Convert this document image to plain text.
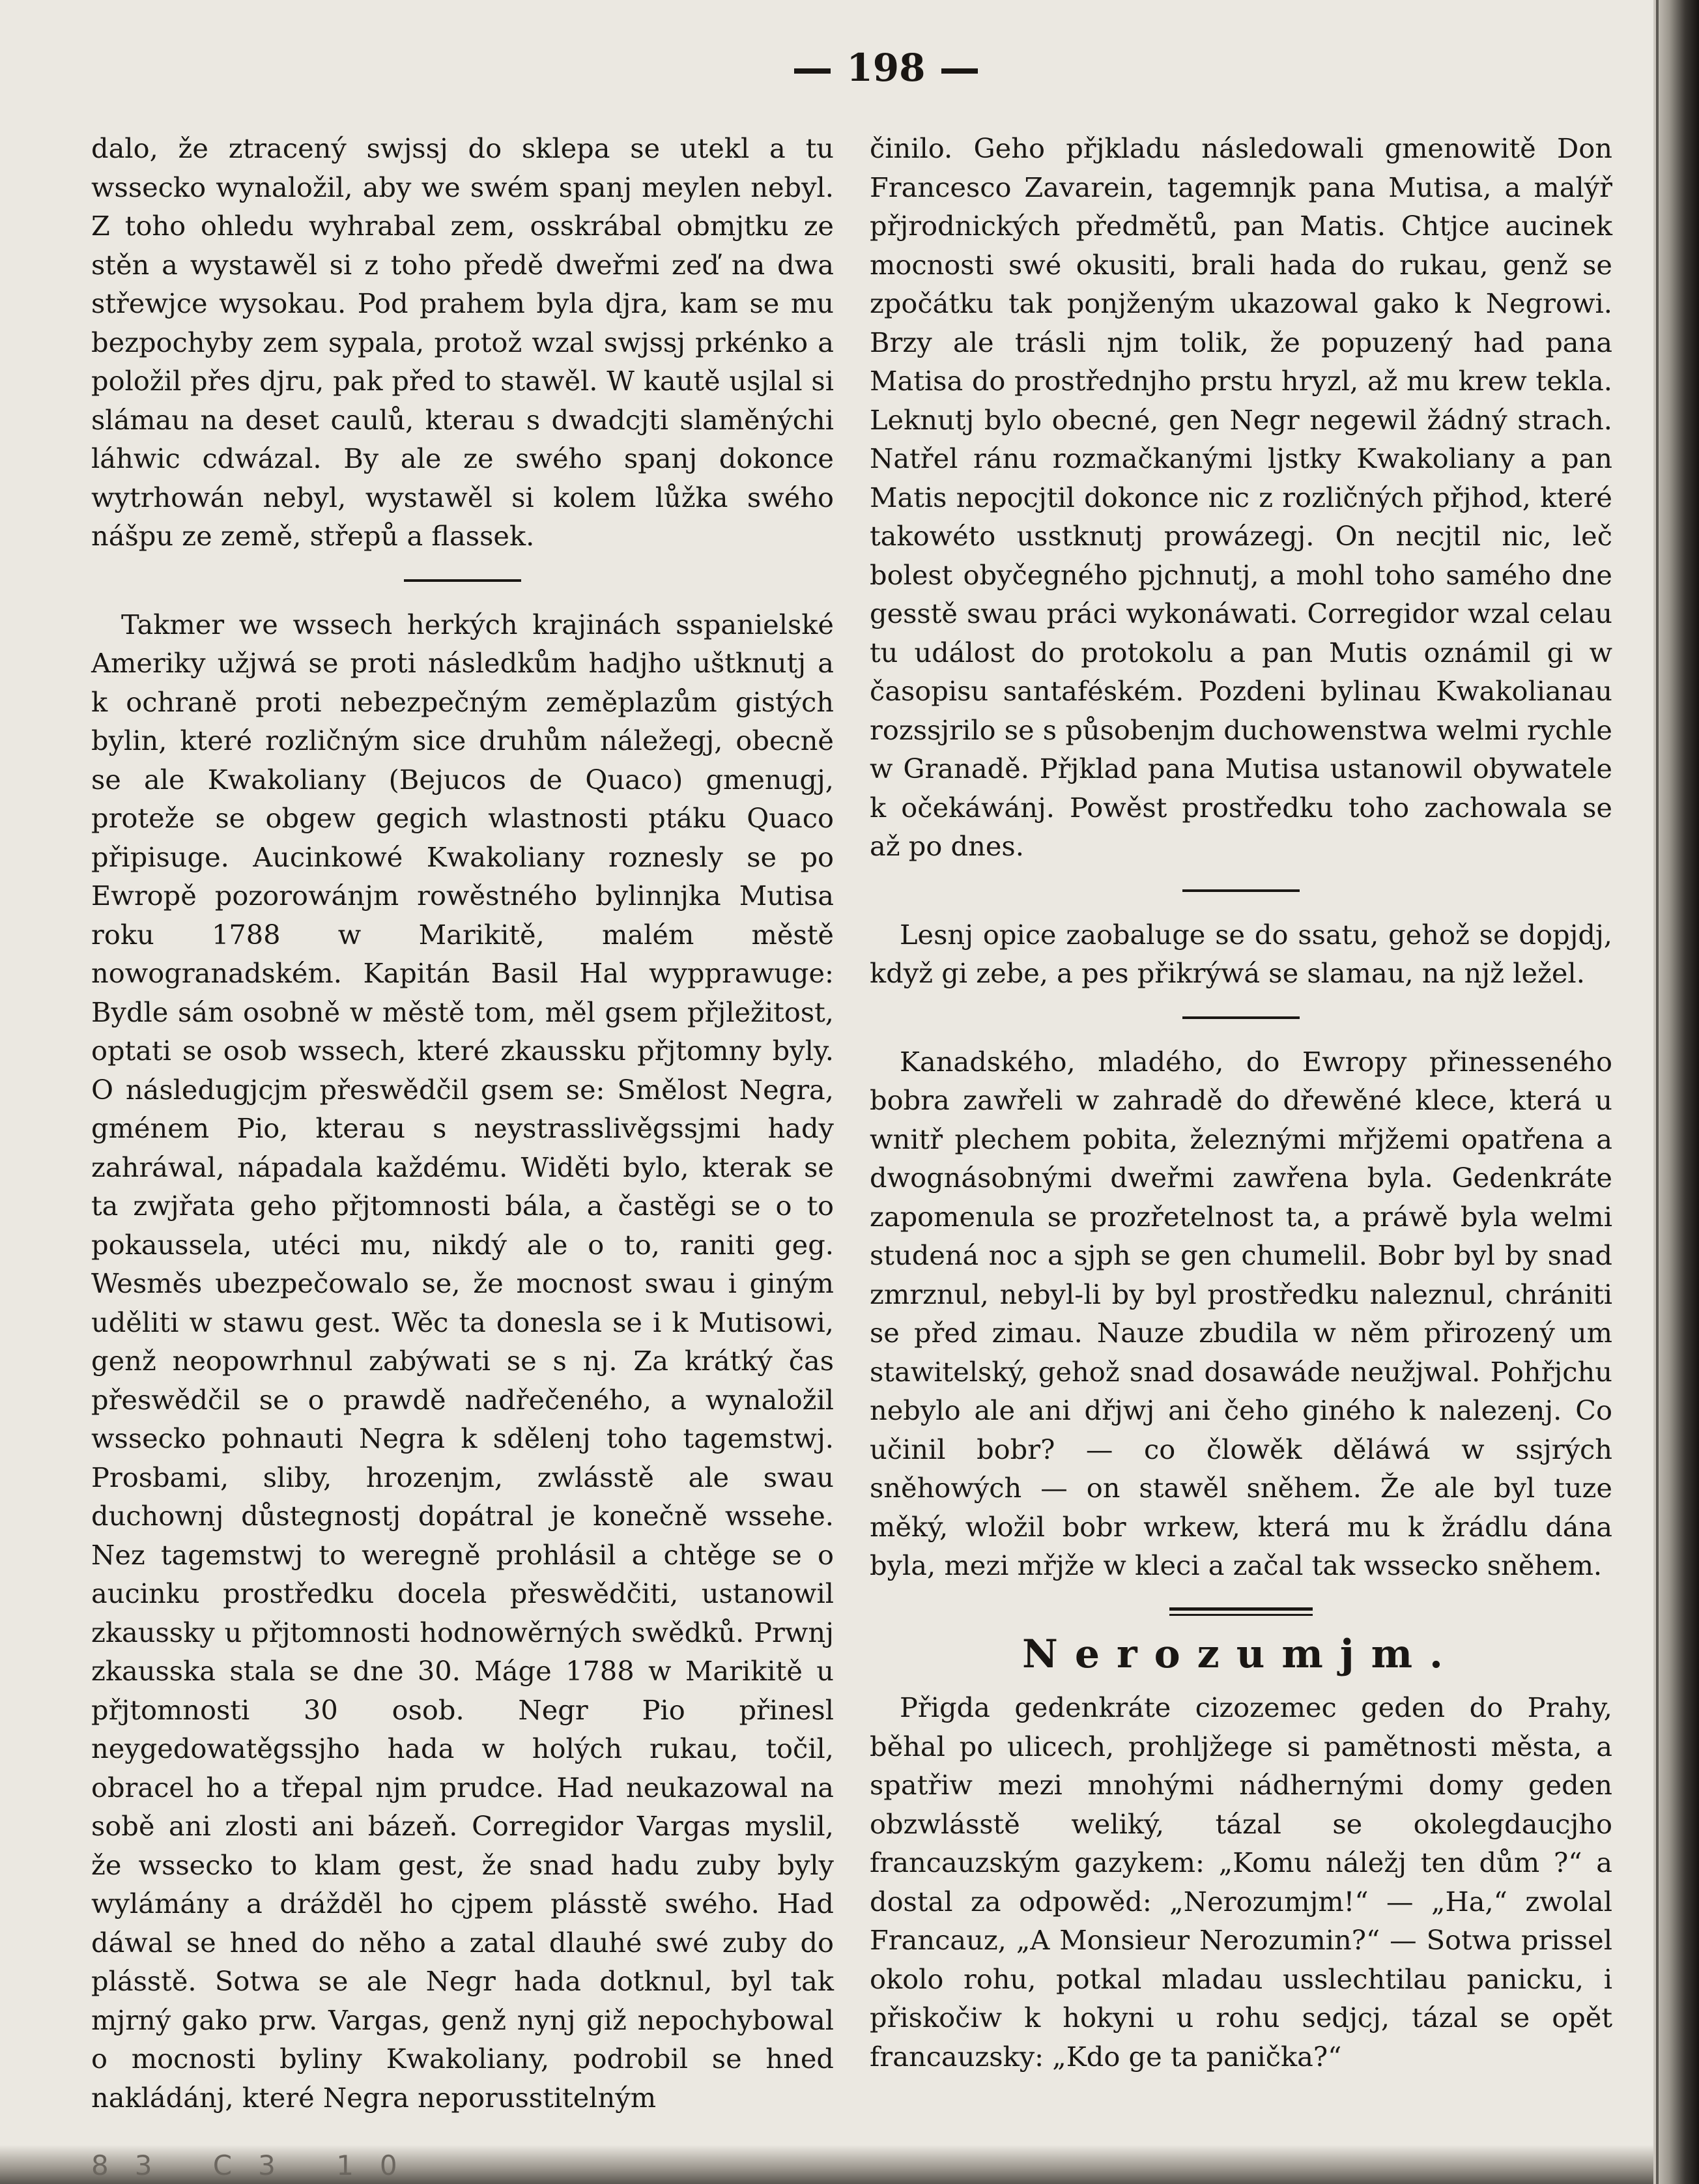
198

dalo, že ztracený swjssj do sklepa se utekl a tu wssecko wynaložil, aby we swém spanj meylen nebyl. Z toho ohledu wyhrabal zem, osskrábal obmjtku ze stěn a wystawěl si z toho předě dweřmi zeď na dwa střewjce wysokau. Pod prahem byla djra, kam se mu bezpochyby zem sypala, protož wzal swjssj prkénko a položil přes djru, pak před to stawěl. W kautě usjlal si slámau na deset caulů, kterau s dwadcjti slaměnýchi láhwic cdwázal. By ale ze swého spanj dokonce wytrhowán nebyl, wystawěl si kolem lůžka swého nášpu ze země, střepů a flassek.

Takmer we wssech herkých krajinách sspanielské Ameriky užjwá se proti následkům hadjho uštknutj a k ochraně proti nebezpečným zeměplazům gistých bylin, které rozličným sice druhům náležegj, obecně se ale Kwakoliany (Bejucos de Quaco) gmenugj, proteže se obgew gegich wlastnosti ptáku Quaco připisuge. Aucinkowé Kwakoliany roznesly se po Ewropě pozorowánjm rowěstného bylinnjka Mutisa roku 1788 w Marikitě, malém městě nowogranadském. Kapitán Basil Hal wypprawuge: Bydle sám osobně w městě tom, měl gsem přjležitost, optati se osob wssech, které zkaussku přjtomny byly. O následugjcjm přeswědčil gsem se: Smělost Negra, gménem Pio, kterau s neystrasslivěgssjmi hady zahráwal, nápadala každému. Widěti bylo, kterak se ta zwjřata geho přjtomnosti bála, a častěgi se o to pokaussela, utéci mu, nikdý ale o to, raniti geg. Wesměs ubezpečowalo se, že mocnost swau i giným uděliti w stawu gest. Wěc ta donesla se i k Mutisowi, genž neopowrhnul zabýwati se s nj. Za krátký čas přeswědčil se o prawdě nadřečeného, a wynaložil wssecko pohnauti Negra k sdělenj toho tagemstwj. Prosbami, sliby, hrozenjm, zwlásstě ale swau duchownj důstegnostj dopátral je konečně wssehe. Nez tagemstwj to weregně prohlásil a chtěge se o aucinku prostředku docela přeswědčiti, ustanowil zkaussky u přjtomnosti hodnowěrných swědků. Prwnj zkausska stala se dne 30. Máge 1788 w Marikitě u přjtomnosti 30 osob. Negr Pio přinesl neygedowatěgssjho hada w holých rukau, točil, obracel ho a třepal njm prudce. Had neukazowal na sobě ani zlosti ani bázeň. Corregidor Vargas myslil, že wssecko to klam gest, že snad hadu zuby byly wylámány a drážděl ho cjpem plásstě swého. Had dáwal se hned do něho a zatal dlauhé swé zuby do plásstě. Sotwa se ale Negr hada dotknul, byl tak mjrný gako prw. Vargas, genž nynj giž nepochybowal o mocnosti byliny Kwakoliany, podrobil se hned nakládánj, které Negra neporusstitelným

činilo. Geho přjkladu následowali gmenowitě Don Francesco Zavarein, tagemnjk pana Mutisa, a malýř přjrodnických předmětů, pan Matis. Chtjce aucinek mocnosti swé okusiti, brali hada do rukau, genž se zpočátku tak ponjženým ukazowal gako k Negrowi. Brzy ale trásli njm tolik, že popuzený had pana Matisa do prostřednjho prstu hryzl, až mu krew tekla. Leknutj bylo obecné, gen Negr negewil žádný strach. Natřel ránu rozmačkanými ljstky Kwakoliany a pan Matis nepocjtil dokonce nic z rozličných přjhod, které takowéto usstknutj prowázegj. On necjtil nic, leč bolest obyčegného pjchnutj, a mohl toho samého dne gesstě swau práci wykonáwati. Corregidor wzal celau tu událost do protokolu a pan Mutis oznámil gi w časopisu santaféském. Pozdeni bylinau Kwakolianau rozssjrilo se s působenjm duchowenstwa welmi rychle w Granadě. Přjklad pana Mutisa ustanowil obywatele k očekáwánj. Powěst prostředku toho zachowala se až po dnes.

Lesnj opice zaobaluge se do ssatu, gehož se dopjdj, když gi zebe, a pes přikrýwá se slamau, na njž ležel.

Kanadského, mladého, do Ewropy přinesseného bobra zawřeli w zahradě do dřewěné klece, která u wnitř plechem pobita, železnými mřjžemi opatřena a dwognásobnými dweřmi zawřena byla. Gedenkráte zapomenula se prozřetelnost ta, a práwě byla welmi studená noc a sjph se gen chumelil. Bobr byl by snad zmrznul, nebyl-li by byl prostředku naleznul, chrániti se před zimau. Nauze zbudila w něm přirozený um stawitelský, gehož snad dosawáde neužjwal. Pohřjchu nebylo ale ani dřjwj ani čeho giného k nalezenj. Co učinil bobr? — co člowěk děláwá w ssjrých sněhowých — on stawěl sněhem. Že ale byl tuze měký, wložil bobr wrkew, která mu k žrádlu dána byla, mezi mřjže w kleci a začal tak wssecko sněhem.

Nerozumjm.

Přigda gedenkráte cizozemec geden do Prahy, běhal po ulicech, prohljžege si pamětnosti města, a spatřiw mezi mnohými nádhernými domy geden obzwlásstě weliký, tázal se okolegdaucjho francauzským gazykem: „Komu náležj ten dům ?“ a dostal za odpowěd: „Nerozumjm!“ — „Ha,“ zwolal Francauz, „A Monsieur Nerozumin?“ — Sotwa prissel okolo rohu, potkal mladau usslechtilau panicku, i přiskočiw k hokyni u rohu sedjcj, tázal se opět francauzsky: „Kdo ge ta panička?“

83 C3 10
